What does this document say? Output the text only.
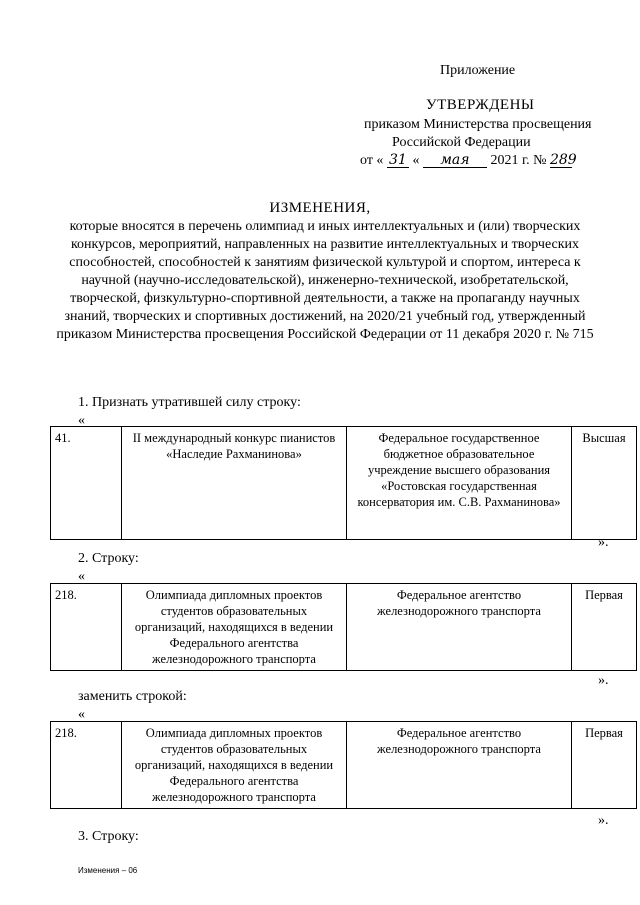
Приложение
УТВЕРЖДЕНЫ
приказом Министерства просвещения
Российской Федерации
от « 31 « мая 2021 г. № 289
ИЗМЕНЕНИЯ,
которые вносятся в перечень олимпиад и иных интеллектуальных и (или) творческих конкурсов, мероприятий, направленных на развитие интеллектуальных и творческих способностей, способностей к занятиям физической культурой и спортом, интереса к научной (научно-исследовательской), инженерно-технической, изобретательской, творческой, физкультурно-спортивной деятельности, а также на пропаганду научных знаний, творческих и спортивных достижений, на 2020/21 учебный год, утвержденный приказом Министерства просвещения Российской Федерации от 11 декабря 2020 г. № 715
1. Признать утратившей силу строку:
«
41.	II международный конкурс пианистов «Наследие Рахманинова»	Федеральное государственное бюджетное образовательное учреждение высшего образования «Ростовская государственная консерватория им. С.В. Рахманинова»	Высшая
».
2. Строку:
«
218.	Олимпиада дипломных проектов студентов образовательных организаций, находящихся в ведении Федерального агентства железнодорожного транспорта	Федеральное агентство железнодорожного транспорта	Первая
».
заменить строкой:
«
218.	Олимпиада дипломных проектов студентов образовательных организаций, находящихся в ведении Федерального агентства железнодорожного транспорта	Федеральное агентство железнодорожного транспорта	Первая
».
3. Строку:
Изменения – 06
